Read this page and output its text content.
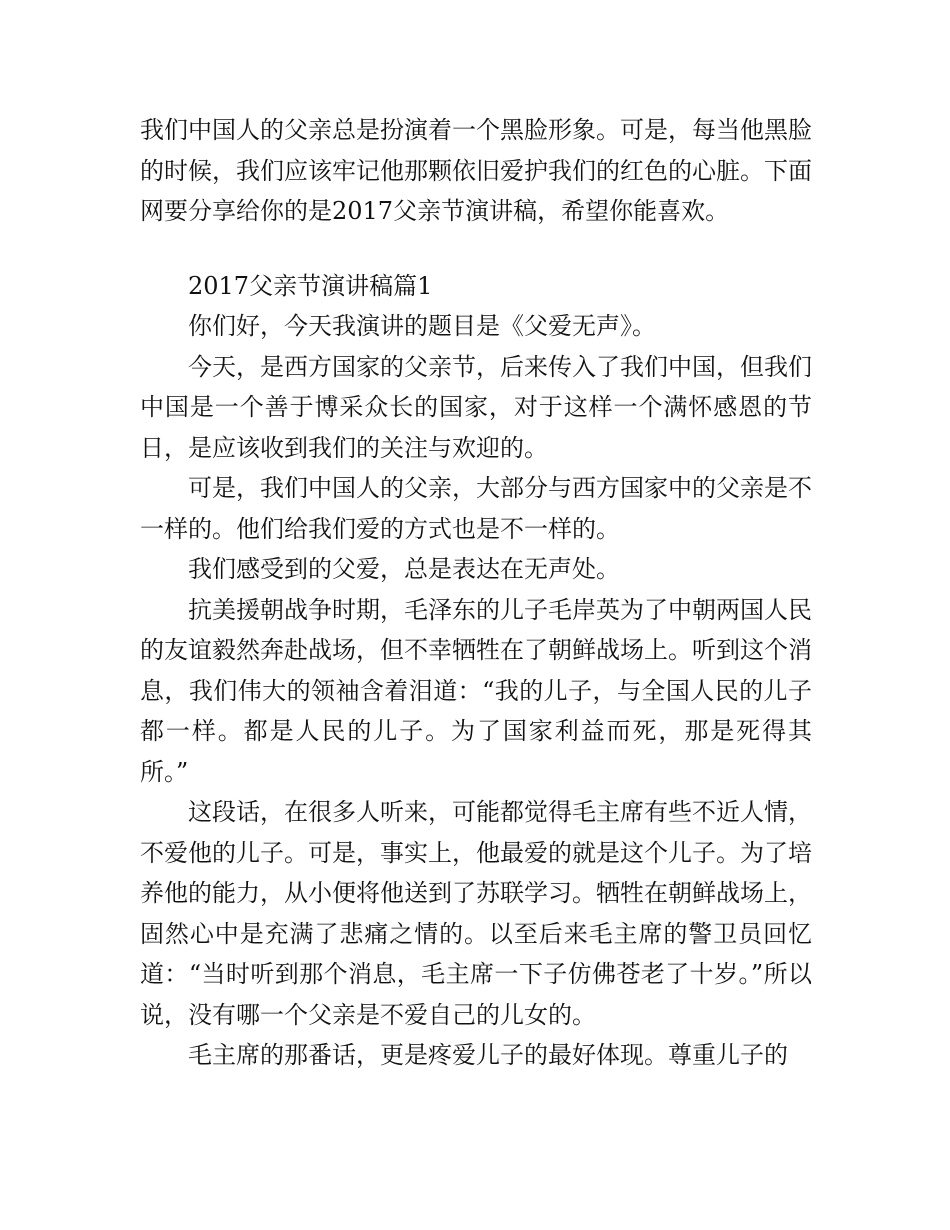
我们中国人的父亲总是扮演着一个黑脸形象。可是，每当他黑脸的时候，我们应该牢记他那颗依旧爱护我们的红色的心脏。下面网要分享给你的是2017父亲节演讲稿，希望你能喜欢。

2017父亲节演讲稿篇1

你们好，今天我演讲的题目是《父爱无声》。

今天，是西方国家的父亲节，后来传入了我们中国，但我们中国是一个善于博采众长的国家，对于这样一个满怀感恩的节日，是应该收到我们的关注与欢迎的。

可是，我们中国人的父亲，大部分与西方国家中的父亲是不一样的。他们给我们爱的方式也是不一样的。

我们感受到的父爱，总是表达在无声处。

抗美援朝战争时期，毛泽东的儿子毛岸英为了中朝两国人民的友谊毅然奔赴战场，但不幸牺牲在了朝鲜战场上。听到这个消息，我们伟大的领袖含着泪道：“我的儿子，与全国人民的儿子都一样。都是人民的儿子。为了国家利益而死，那是死得其所。”

这段话，在很多人听来，可能都觉得毛主席有些不近人情，不爱他的儿子。可是，事实上，他最爱的就是这个儿子。为了培养他的能力，从小便将他送到了苏联学习。牺牲在朝鲜战场上，固然心中是充满了悲痛之情的。以至后来毛主席的警卫员回忆道：“当时听到那个消息，毛主席一下子仿佛苍老了十岁。”所以说，没有哪一个父亲是不爱自己的儿女的。

毛主席的那番话，更是疼爱儿子的最好体现。尊重儿子的
